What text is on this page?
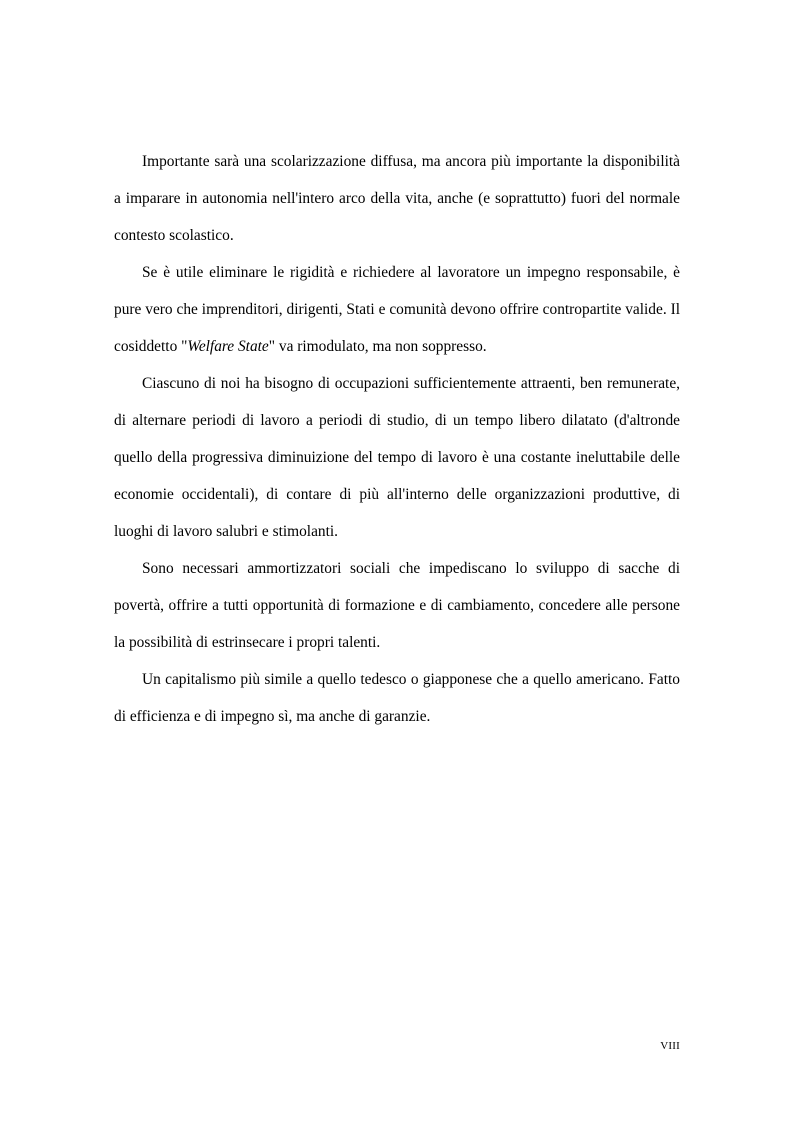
Importante sarà una scolarizzazione diffusa, ma ancora più importante la disponibilità a imparare in autonomia nell'intero arco della vita, anche (e soprattutto) fuori del normale contesto scolastico.

Se è utile eliminare le rigidità e richiedere al lavoratore un impegno responsabile, è pure vero che imprenditori, dirigenti, Stati e comunità devono offrire contropartite valide. Il cosiddetto "Welfare State" va rimodulato, ma non soppresso.

Ciascuno di noi ha bisogno di occupazioni sufficientemente attraenti, ben remunerate, di alternare periodi di lavoro a periodi di studio, di un tempo libero dilatato (d'altronde quello della progressiva diminuizione del tempo di lavoro è una costante ineluttabile delle economie occidentali), di contare di più all'interno delle organizzazioni produttive, di luoghi di lavoro salubri e stimolanti.

Sono necessari ammortizzatori sociali che impediscano lo sviluppo di sacche di povertà, offrire a tutti opportunità di formazione e di cambiamento, concedere alle persone la possibilità di estrinsecare i propri talenti.

Un capitalismo più simile a quello tedesco o giapponese che a quello americano. Fatto di efficienza e di impegno sì, ma anche di garanzie.

VIII
